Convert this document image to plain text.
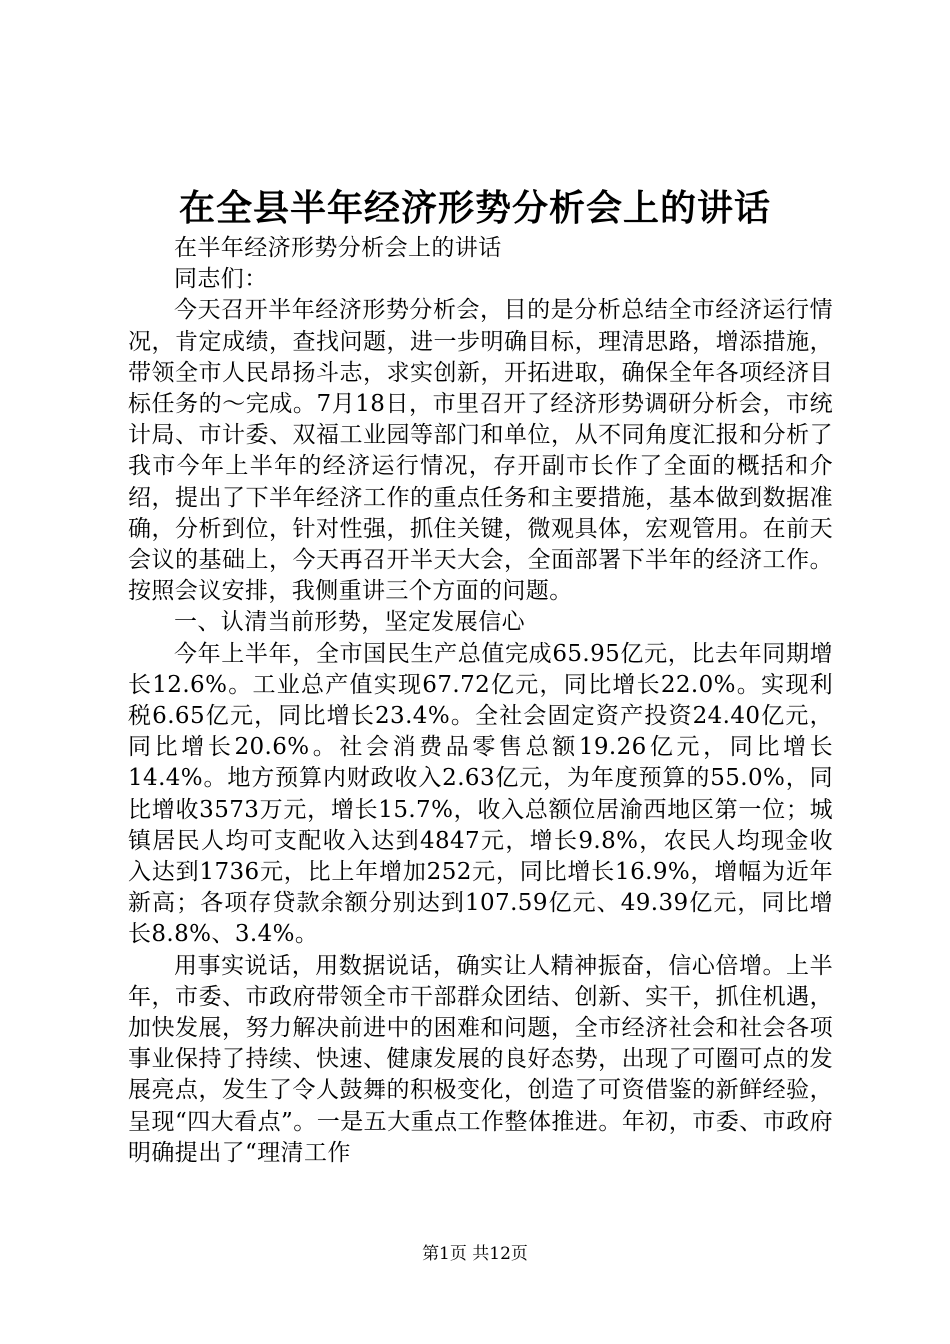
在全县半年经济形势分析会上的讲话

在半年经济形势分析会上的讲话

同志们：

今天召开半年经济形势分析会，目的是分析总结全市经济运行情况，肯定成绩，查找问题，进一步明确目标，理清思路，增添措施，带领全市人民昂扬斗志，求实创新，开拓进取，确保全年各项经济目标任务的～完成。7月18日，市里召开了经济形势调研分析会，市统计局、市计委、双福工业园等部门和单位，从不同角度汇报和分析了我市今年上半年的经济运行情况，存开副市长作了全面的概括和介绍，提出了下半年经济工作的重点任务和主要措施，基本做到数据准确，分析到位，针对性强，抓住关键，微观具体，宏观管用。在前天会议的基础上，今天再召开半天大会，全面部署下半年的经济工作。按照会议安排，我侧重讲三个方面的问题。

一、认清当前形势，坚定发展信心

今年上半年，全市国民生产总值完成65.95亿元，比去年同期增长12.6%。工业总产值实现67.72亿元，同比增长22.0%。实现利税6.65亿元，同比增长23.4%。全社会固定资产投资24.40亿元，同比增长20.6%。社会消费品零售总额19.26亿元，同比增长14.4%。地方预算内财政收入2.63亿元，为年度预算的55.0%，同比增收3573万元，增长15.7%，收入总额位居渝西地区第一位；城镇居民人均可支配收入达到4847元，增长9.8%，农民人均现金收入达到1736元，比上年增加252元，同比增长16.9%，增幅为近年新高；各项存贷款余额分别达到107.59亿元、49.39亿元，同比增长8.8%、3.4%。

用事实说话，用数据说话，确实让人精神振奋，信心倍增。上半年，市委、市政府带领全市干部群众团结、创新、实干，抓住机遇，加快发展，努力解决前进中的困难和问题，全市经济社会和社会各项事业保持了持续、快速、健康发展的良好态势，出现了可圈可点的发展亮点，发生了令人鼓舞的积极变化，创造了可资借鉴的新鲜经验，呈现“四大看点”。一是五大重点工作整体推进。年初，市委、市政府明确提出了“理清工作

第1页 共12页
